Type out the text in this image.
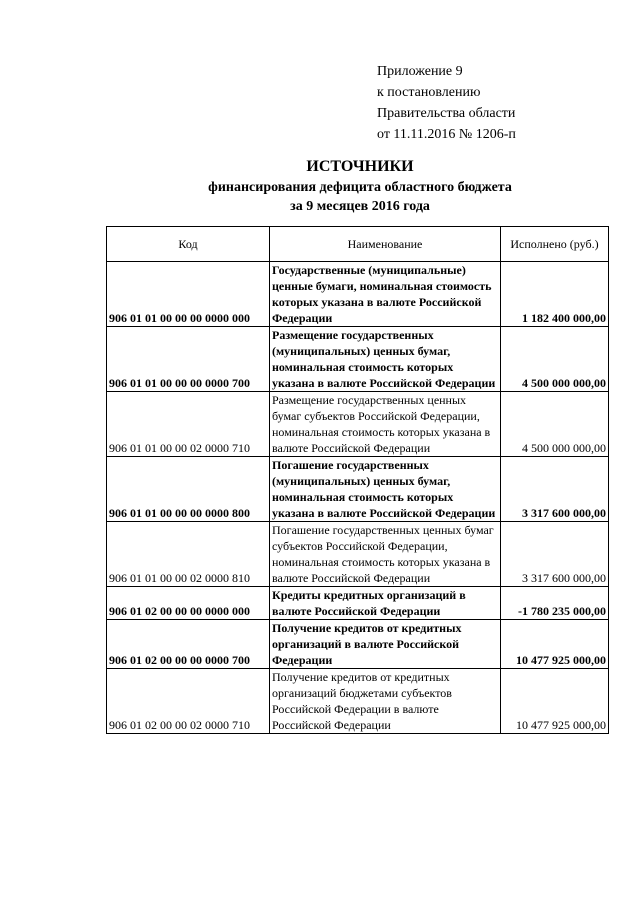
Приложение 9
к постановлению
Правительства области
от 11.11.2016 № 1206-п
ИСТОЧНИКИ
финансирования дефицита областного бюджета
за 9 месяцев 2016 года
Код	Наименование	Исполнено (руб.)
906 01 01 00 00 00 0000 000	Государственные (муниципальные) ценные бумаги, номинальная стоимость которых указана в валюте Российской Федерации	1 182 400 000,00
906 01 01 00 00 00 0000 700	Размещение государственных (муниципальных) ценных бумаг, номинальная стоимость которых указана в валюте Российской Федерации	4 500 000 000,00
906 01 01 00 00 02 0000 710	Размещение государственных ценных бумаг субъектов Российской Федерации, номинальная стоимость которых указана в валюте Российской Федерации	4 500 000 000,00
906 01 01 00 00 00 0000 800	Погашение государственных (муниципальных) ценных бумаг, номинальная стоимость которых указана в валюте Российской Федерации	3 317 600 000,00
906 01 01 00 00 02 0000 810	Погашение государственных ценных бумаг субъектов Российской Федерации, номинальная стоимость которых указана в валюте Российской Федерации	3 317 600 000,00
906 01 02 00 00 00 0000 000	Кредиты кредитных организаций в валюте Российской Федерации	-1 780 235 000,00
906 01 02 00 00 00 0000 700	Получение кредитов от кредитных организаций в валюте Российской Федерации	10 477 925 000,00
906 01 02 00 00 02 0000 710	Получение кредитов от кредитных организаций бюджетами субъектов Российской Федерации в валюте Российской Федерации	10 477 925 000,00
